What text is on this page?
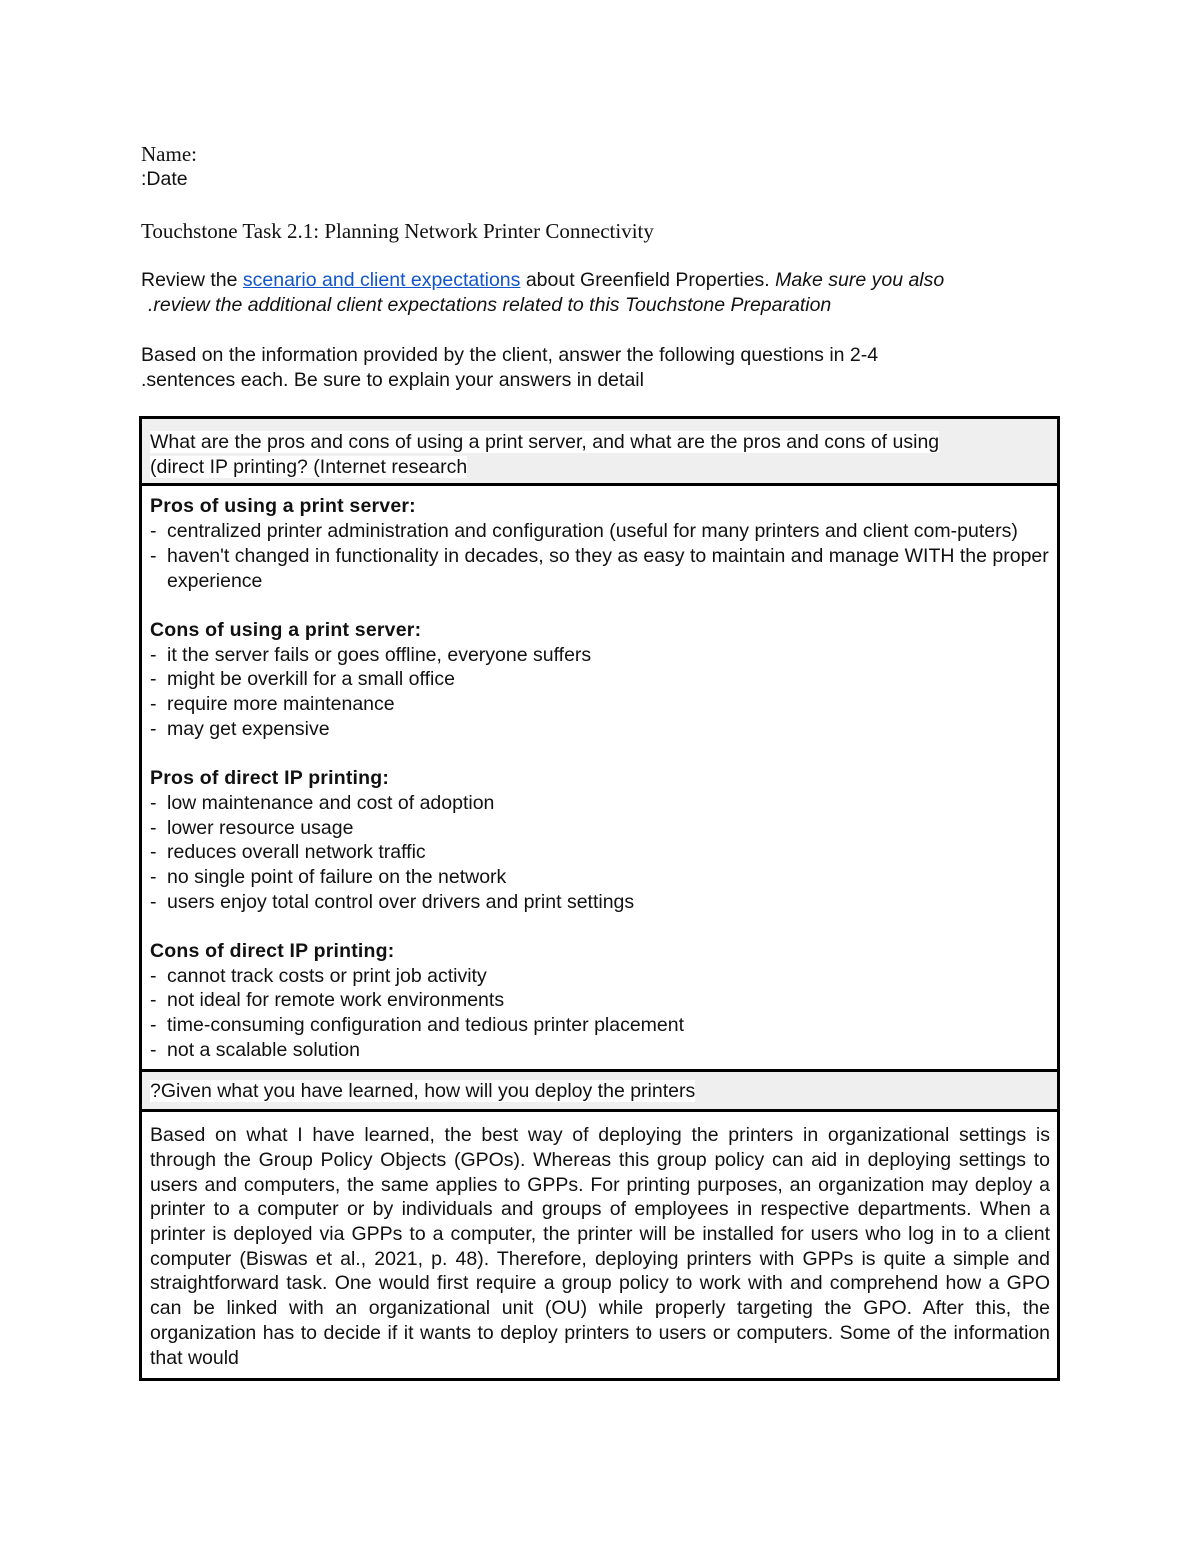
Name:
:Date
Touchstone Task 2.1: Planning Network Printer Connectivity
Review the scenario and client expectations about Greenfield Properties. Make sure you also
.review the additional client expectations related to this Touchstone Preparation
Based on the information provided by the client, answer the following questions in 2-4
.sentences each. Be sure to explain your answers in detail
What are the pros and cons of using a print server, and what are the pros and cons of using
(direct IP printing? (Internet research

Pros of using a print server:
- centralized printer administration and configuration (useful for many printers and client com-puters)
- haven't changed in functionality in decades, so they as easy to maintain and manage WITH the proper experience
Cons of using a print server:
- it the server fails or goes offline, everyone suffers
- might be overkill for a small office
- require more maintenance
- may get expensive
Pros of direct IP printing:
- low maintenance and cost of adoption
- lower resource usage
- reduces overall network traffic
- no single point of failure on the network
- users enjoy total control over drivers and print settings
Cons of direct IP printing:
- cannot track costs or print job activity
- not ideal for remote work environments
- time-consuming configuration and tedious printer placement
- not a scalable solution

?Given what you have learned, how will you deploy the printers

Based on what I have learned, the best way of deploying the printers in organizational settings is through the Group Policy Objects (GPOs). Whereas this group policy can aid in deploying settings to users and computers, the same applies to GPPs. For printing purposes, an organization may deploy a printer to a computer or by individuals and groups of employees in respective departments. When a printer is deployed via GPPs to a computer, the printer will be installed for users who log in to a client computer (Biswas et al., 2021, p. 48). Therefore, deploying printers with GPPs is quite a simple and straightforward task. One would first require a group policy to work with and comprehend how a GPO can be linked with an organizational unit (OU) while properly targeting the GPO. After this, the organization has to decide if it wants to deploy printers to users or computers. Some of the information that would
